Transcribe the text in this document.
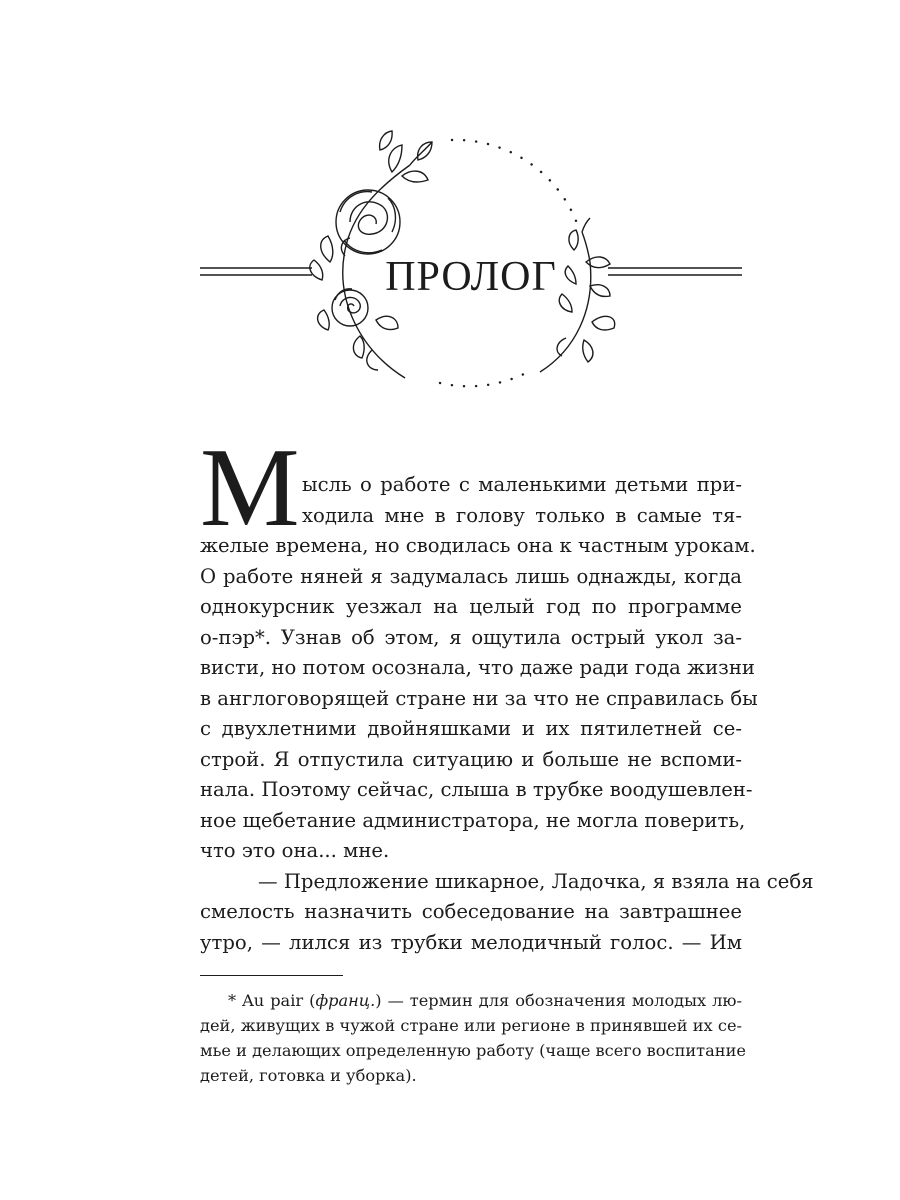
ПРОЛОГ
М ысль о работе с маленькими детьми при-
ходила мне в голову только в самые тя-
желые времена, но сводилась она к частным урокам.
О работе няней я задумалась лишь однажды, когда
однокурсник уезжал на целый год по программе
о-пэр*. Узнав об этом, я ощутила острый укол за-
висти, но потом осознала, что даже ради года жизни
в англоговорящей стране ни за что не справилась бы
с двухлетними двойняшками и их пятилетней се-
строй. Я отпустила ситуацию и больше не вспоми-
нала. Поэтому сейчас, слыша в трубке воодушевлен-
ное щебетание администратора, не могла поверить,
что это она... мне.
— Предложение шикарное, Ладочка, я взяла на себя
смелость назначить собеседование на завтрашнее
утро, — лился из трубки мелодичный голос. — Им
* Au pair (франц.) — термин для обозначения молодых лю-
дей, живущих в чужой стране или регионе в принявшей их се-
мье и делающих определенную работу (чаще всего воспитание
детей, готовка и уборка).
